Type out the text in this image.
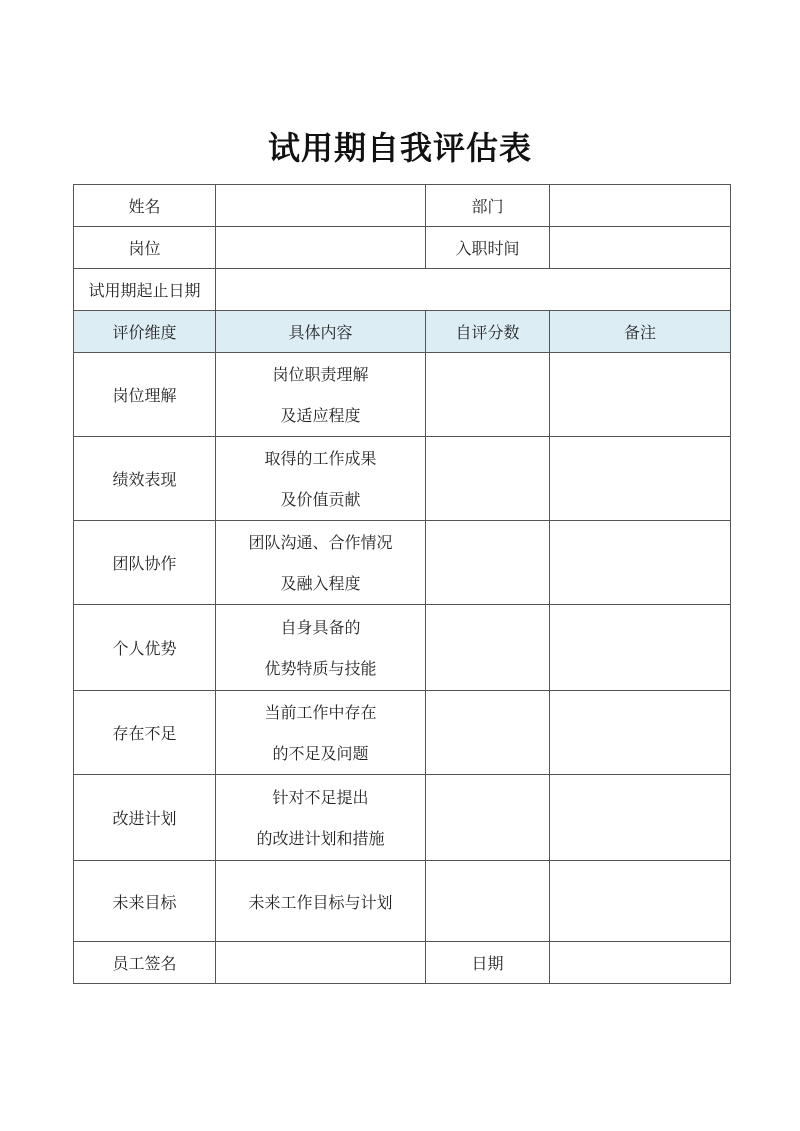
试用期自我评估表
姓名		部门	
岗位		入职时间	
试用期起止日期			
评价维度	具体内容	自评分数	备注
岗位理解	岗位职责理解
及适应程度		

绩效表现	取得的工作成果
及价值贡献		

团队协作	团队沟通、合作情况
及融入程度		

个人优势	自身具备的
优势特质与技能		

存在不足	当前工作中存在
的不足及问题		

改进计划	针对不足提出
的改进计划和措施		

未来目标	未来工作目标与计划		
员工签名		日期	
